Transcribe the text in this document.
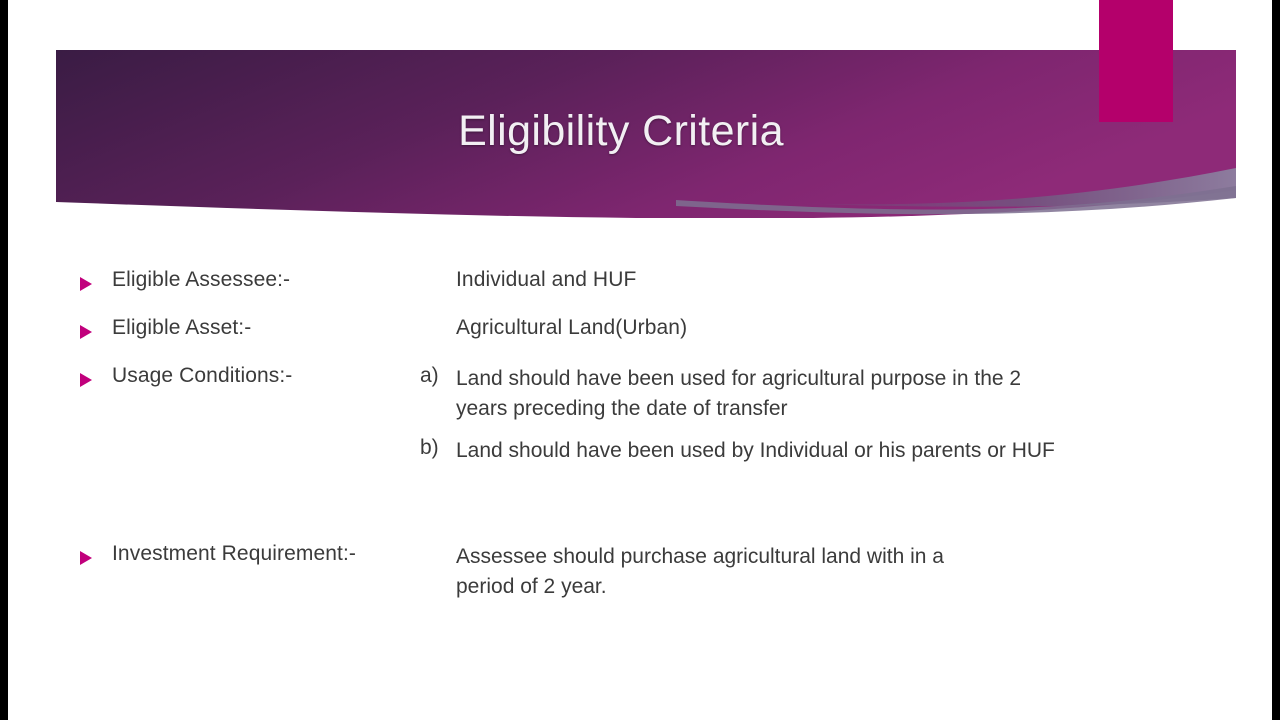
Eligibility Criteria
Eligible Assessee:-	Individual and HUF
Eligible Asset:-	Agricultural Land(Urban)
Usage Conditions:-	a) Land should have been used for agricultural purpose in the 2
years preceding the date of transfer
b) Land should have been used by Individual or his parents or HUF
Investment Requirement:-	Assessee should purchase agricultural land with in a
period of 2 year.
